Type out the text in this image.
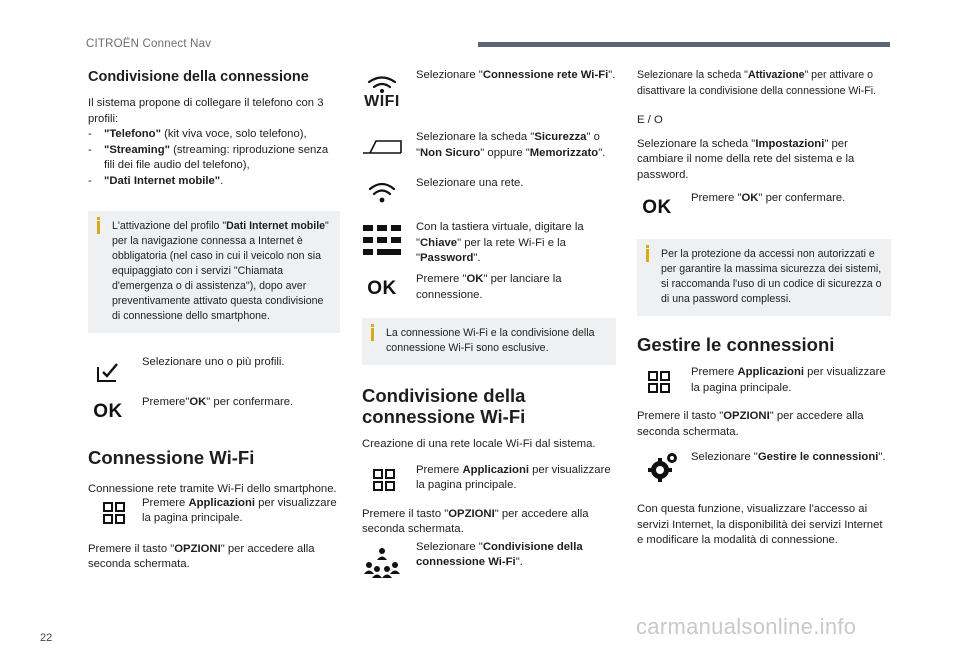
CITROËN Connect Nav
Condivisione della connessione

Il sistema propone di collegare il telefono con 3 profili:

- "Telefono" (kit viva voce, solo telefono),
- "Streaming" (streaming: riproduzione senza fili dei file audio del telefono),
- "Dati Internet mobile".
L'attivazione del profilo "Dati Internet mobile" per la navigazione connessa a Internet è obbligatoria (nel caso in cui il veicolo non sia equipaggiato con i servizi "Chiamata d'emergenza o di assistenza"), dopo aver preventivamente attivato questa condivisione di connessione dello smartphone.

Selezionare uno o più profili.

OK Premere"OK" per confermare.

Connessione Wi-Fi

Connessione rete tramite Wi-Fi dello smartphone.

Premere Applicazioni per visualizzare la pagina principale.

Premere il tasto "OPZIONI" per accedere alla seconda schermata.

WIFI

Selezionare "Connessione rete Wi-Fi".

Selezionare la scheda "Sicurezza" o "Non Sicuro" oppure "Memorizzato".

Selezionare una rete.

Con la tastiera virtuale, digitare la "Chiave" per la rete Wi-Fi e la "Password".

OK Premere "OK" per lanciare la connessione.

La connessione Wi-Fi e la condivisione della connessione Wi-Fi sono esclusive.
Condivisione della
connessione Wi-Fi

Creazione di una rete locale Wi-Fi dal sistema.

Premere Applicazioni per visualizzare la pagina principale.

Premere il tasto "OPZIONI" per accedere alla seconda schermata.

Selezionare "Condivisione della connessione Wi-Fi".

Selezionare la scheda "Attivazione" per attivare o disattivare la condivisione della connessione Wi-Fi.

E / O

Selezionare la scheda "Impostazioni" per cambiare il nome della rete del sistema e la password.

OK Premere "OK" per confermare.

Per la protezione da accessi non autorizzati e per garantire la massima sicurezza dei sistemi, si raccomanda l'uso di un codice di sicurezza o di una password complessi.
Gestire le connessioni

Premere Applicazioni per visualizzare la pagina principale.

Premere il tasto "OPZIONI" per accedere alla seconda schermata.

Selezionare "Gestire le connessioni".

Con questa funzione, visualizzare l'accesso ai servizi Internet, la disponibilità dei servizi Internet e modificare la modalità di connessione.

22	carmanualsonline.info
